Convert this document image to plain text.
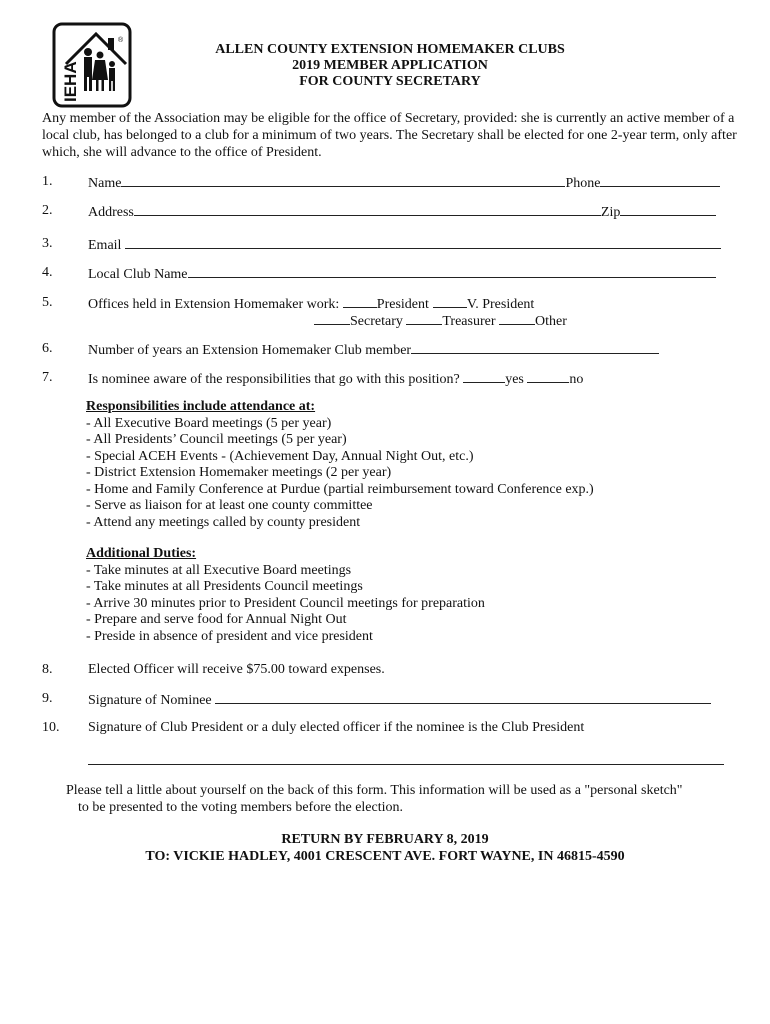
IEHA
®
ALLEN COUNTY EXTENSION HOMEMAKER CLUBS
2019 MEMBER APPLICATION
FOR COUNTY SECRETARY
Any member of the Association may be eligible for the office of Secretary, provided: she is currently an active member of a local club, has belonged to a club for a minimum of two years. The Secretary shall be elected for one 2-year term, only after which, she will advance to the office of President.
1.	Name	Phone
2.	Address	Zip
3.	Email
4.	Local Club Name
5.	Offices held in Extension Homemaker work:	President	V. President
Secretary	Treasurer	Other
6.	Number of years an Extension Homemaker Club member
7.	Is nominee aware of the responsibilities that go with this position?	yes	no
Responsibilities include attendance at:
- All Executive Board meetings (5 per year)
- All Presidents’ Council meetings (5 per year)
- Special ACEH Events - (Achievement Day, Annual Night Out, etc.)
- District Extension Homemaker meetings (2 per year)
- Home and Family Conference at Purdue (partial reimbursement toward Conference exp.)
- Serve as liaison for at least one county committee
- Attend any meetings called by county president
Additional Duties:
- Take minutes at all Executive Board meetings
- Take minutes at all Presidents Council meetings
- Arrive 30 minutes prior to President Council meetings for preparation
- Prepare and serve food for Annual Night Out
- Preside in absence of president and vice president
8.	Elected Officer will receive $75.00 toward expenses.
9.	Signature of Nominee
10. Signature of Club President or a duly elected officer if the nominee is the Club President
Please tell a little about yourself on the back of this form. This information will be used as a "personal sketch"
to be presented to the voting members before the election.
RETURN BY FEBRUARY 8, 2019
TO: VICKIE HADLEY, 4001 CRESCENT AVE. FORT WAYNE, IN 46815-4590
